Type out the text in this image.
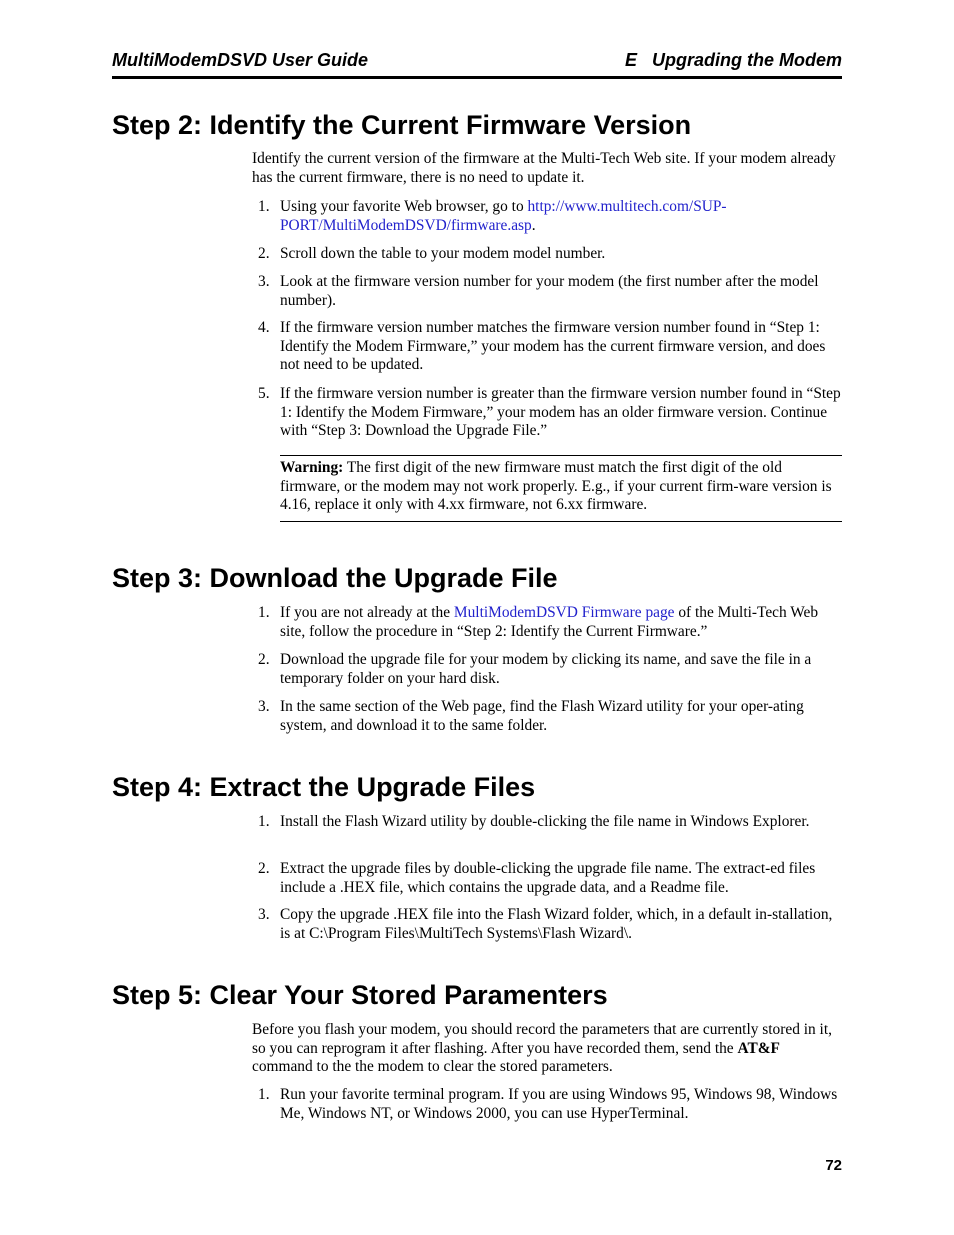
MultiModemDSVD User Guide	E   Upgrading the Modem
Step 2: Identify the Current Firmware Version

Identify the current version of the firmware at the Multi-Tech Web site. If your modem already has the current firmware, there is no need to update it.

1. Using your favorite Web browser, go to http://www.multitech.com/SUP-PORT/MultiModemDSVD/firmware.asp.
2. Scroll down the table to your modem model number.
3. Look at the firmware version number for your modem (the first number after the model number).
4. If the firmware version number matches the firmware version number found in “Step 1: Identify the Modem Firmware,” your modem has the current firmware version, and does not need to be updated.
5. If the firmware version number is greater than the firmware version number found in “Step 1: Identify the Modem Firmware,” your modem has an older firmware version. Continue with “Step 3: Download the Upgrade File.”
Warning: The first digit of the new firmware must match the first digit of the old firmware, or the modem may not work properly. E.g., if your current firm-ware version is 4.16, replace it only with 4.xx firmware, not 6.xx firmware.
Step 3: Download the Upgrade File
1. If you are not already at the MultiModemDSVD Firmware page of the Multi-Tech Web site, follow the procedure in “Step 2: Identify the Current Firmware.”
2. Download the upgrade file for your modem by clicking its name, and save the file in a temporary folder on your hard disk.
3. In the same section of the Web page, find the Flash Wizard utility for your oper-ating system, and download it to the same folder.
Step 4: Extract the Upgrade Files
1. Install the Flash Wizard utility by double-clicking the file name in Windows Explorer.
2. Extract the upgrade files by double-clicking the upgrade file name. The extract-ed files include a .HEX file, which contains the upgrade data, and a Readme file.
3. Copy the upgrade .HEX file into the Flash Wizard folder, which, in a default in-stallation, is at C:\Program Files\MultiTech Systems\Flash Wizard\.
Step 5: Clear Your Stored Paramenters

Before you flash your modem, you should record the parameters that are currently stored in it, so you can reprogram it after flashing. After you have recorded them, send the AT&F command to the the modem to clear the stored parameters.

1. Run your favorite terminal program. If you are using Windows 95, Windows 98, Windows Me, Windows NT, or Windows 2000, you can use HyperTerminal.
72
